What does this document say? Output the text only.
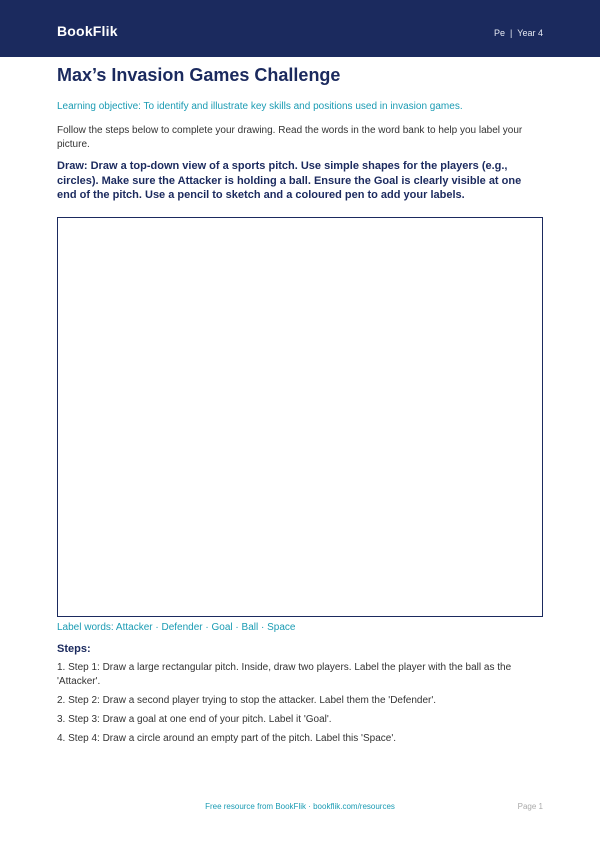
BookFlik	Pe | Year 4
Max’s Invasion Games Challenge
Learning objective: To identify and illustrate key skills and positions used in invasion games.
Follow the steps below to complete your drawing. Read the words in the word bank to help you label your picture.
Draw: Draw a top-down view of a sports pitch. Use simple shapes for the players (e.g., circles). Make sure the Attacker is holding a ball. Ensure the Goal is clearly visible at one end of the pitch. Use a pencil to sketch and a coloured pen to add your labels.
Label words: Attacker · Defender · Goal · Ball · Space
Steps:
1. Step 1: Draw a large rectangular pitch. Inside, draw two players. Label the player with the ball as the 'Attacker'.
2. Step 2: Draw a second player trying to stop the attacker. Label them the 'Defender'.
3. Step 3: Draw a goal at one end of your pitch. Label it 'Goal'.
4. Step 4: Draw a circle around an empty part of the pitch. Label this 'Space'.
Free resource from BookFlik · bookflik.com/resources	Page 1
